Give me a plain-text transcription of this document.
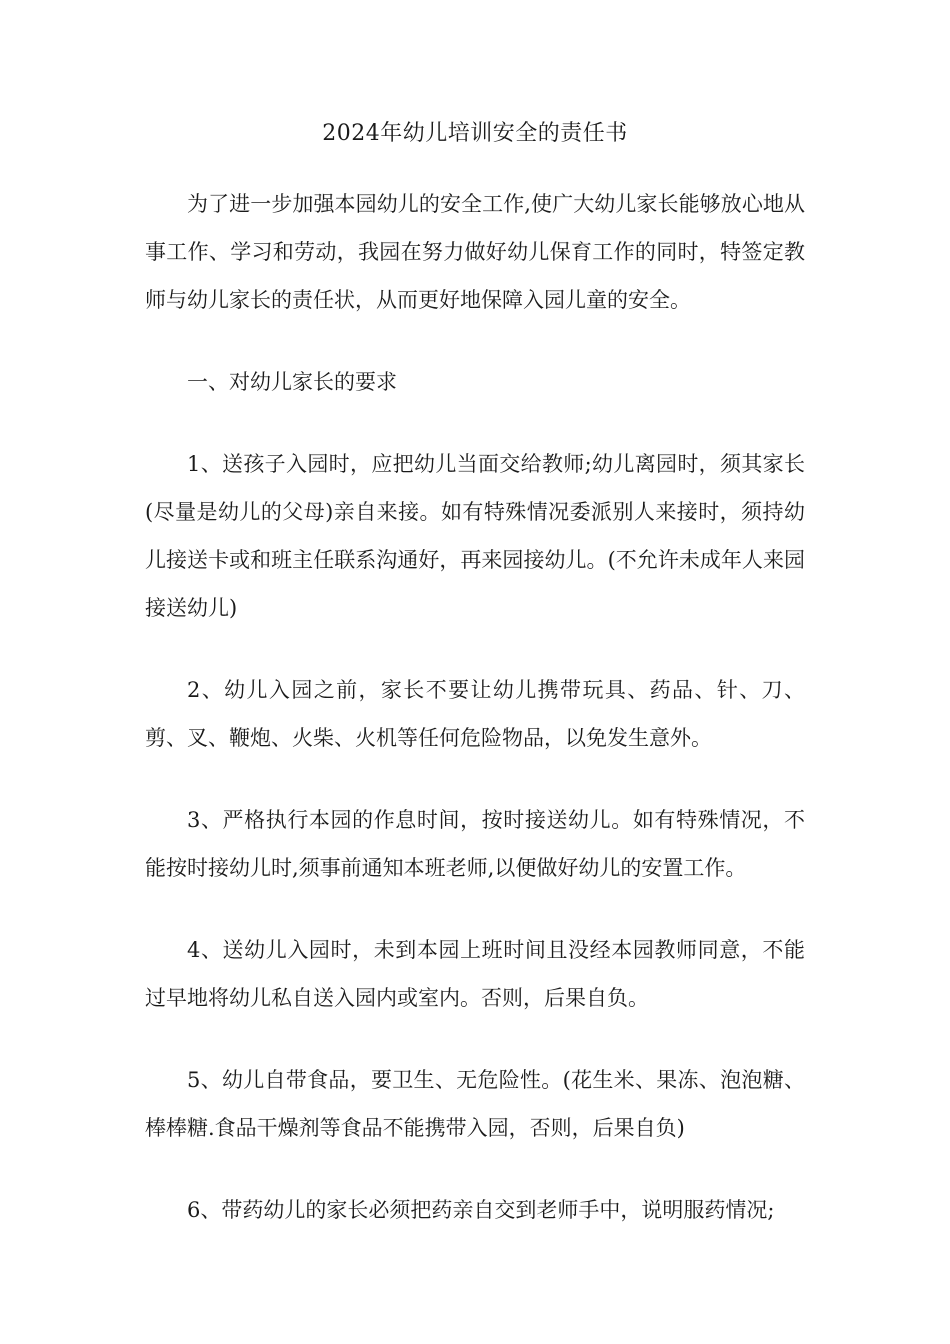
2024年幼儿培训安全的责任书

为了进一步加强本园幼儿的安全工作,使广大幼儿家长能够放心地从事工作、学习和劳动，我园在努力做好幼儿保育工作的同时，特签定教师与幼儿家长的责任状，从而更好地保障入园儿童的安全。

一、对幼儿家长的要求

1、送孩子入园时，应把幼儿当面交给教师;幼儿离园时，须其家长(尽量是幼儿的父母)亲自来接。如有特殊情况委派别人来接时，须持幼儿接送卡或和班主任联系沟通好，再来园接幼儿。(不允许未成年人来园接送幼儿)

2、幼儿入园之前，家长不要让幼儿携带玩具、药品、针、刀、剪、叉、鞭炮、火柴、火机等任何危险物品，以免发生意外。

3、严格执行本园的作息时间，按时接送幼儿。如有特殊情况，不能按时接幼儿时,须事前通知本班老师,以便做好幼儿的安置工作。

4、送幼儿入园时，未到本园上班时间且没经本园教师同意，不能过早地将幼儿私自送入园内或室内。否则，后果自负。

5、幼儿自带食品，要卫生、无危险性。(花生米、果冻、泡泡糖、棒棒糖.食品干燥剂等食品不能携带入园，否则，后果自负)

6、带药幼儿的家长必须把药亲自交到老师手中，说明服药情况;
